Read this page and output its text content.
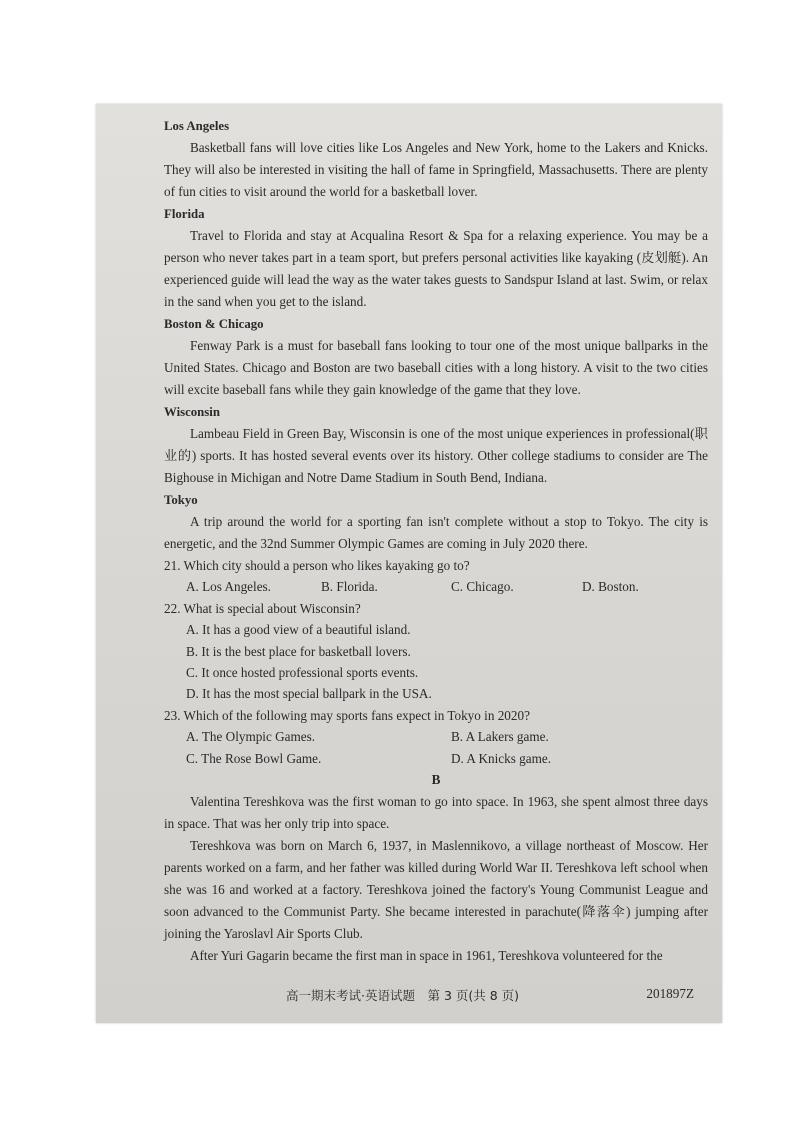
Los Angeles

Basketball fans will love cities like Los Angeles and New York, home to the Lakers and Knicks. They will also be interested in visiting the hall of fame in Springfield, Massachusetts. There are plenty of fun cities to visit around the world for a basketball lover.

Florida

Travel to Florida and stay at Acqualina Resort & Spa for a relaxing experience. You may be a person who never takes part in a team sport, but prefers personal activities like kayaking (皮划艇). An experienced guide will lead the way as the water takes guests to Sandspur Island at last. Swim, or relax in the sand when you get to the island.

Boston & Chicago

Fenway Park is a must for baseball fans looking to tour one of the most unique ballparks in the United States. Chicago and Boston are two baseball cities with a long history. A visit to the two cities will excite baseball fans while they gain knowledge of the game that they love.

Wisconsin

Lambeau Field in Green Bay, Wisconsin is one of the most unique experiences in professional(职业的) sports. It has hosted several events over its history. Other college stadiums to consider are The Bighouse in Michigan and Notre Dame Stadium in South Bend, Indiana.

Tokyo

A trip around the world for a sporting fan isn't complete without a stop to Tokyo. The city is energetic, and the 32nd Summer Olympic Games are coming in July 2020 there.

21. Which city should a person who likes kayaking go to?

A. Los Angeles.	B. Florida.	C. Chicago.	D. Boston.

22. What is special about Wisconsin?

A. It has a good view of a beautiful island.
B. It is the best place for basketball lovers.
C. It once hosted professional sports events.
D. It has the most special ballpark in the USA.

23. Which of the following may sports fans expect in Tokyo in 2020?

A. The Olympic Games.	B. A Lakers game.
C. The Rose Bowl Game.	D. A Knicks game.

B

Valentina Tereshkova was the first woman to go into space. In 1963, she spent almost three days in space. That was her only trip into space.

Tereshkova was born on March 6, 1937, in Maslennikovo, a village northeast of Moscow. Her parents worked on a farm, and her father was killed during World War II. Tereshkova left school when she was 16 and worked at a factory. Tereshkova joined the factory's Young Communist League and soon advanced to the Communist Party. She became interested in parachute(降落伞) jumping after joining the Yaroslavl Air Sports Club.

After Yuri Gagarin became the first man in space in 1961, Tereshkova volunteered for the

高一期末考试·英语试题　第 3 页(共 8 页)	201897Z
